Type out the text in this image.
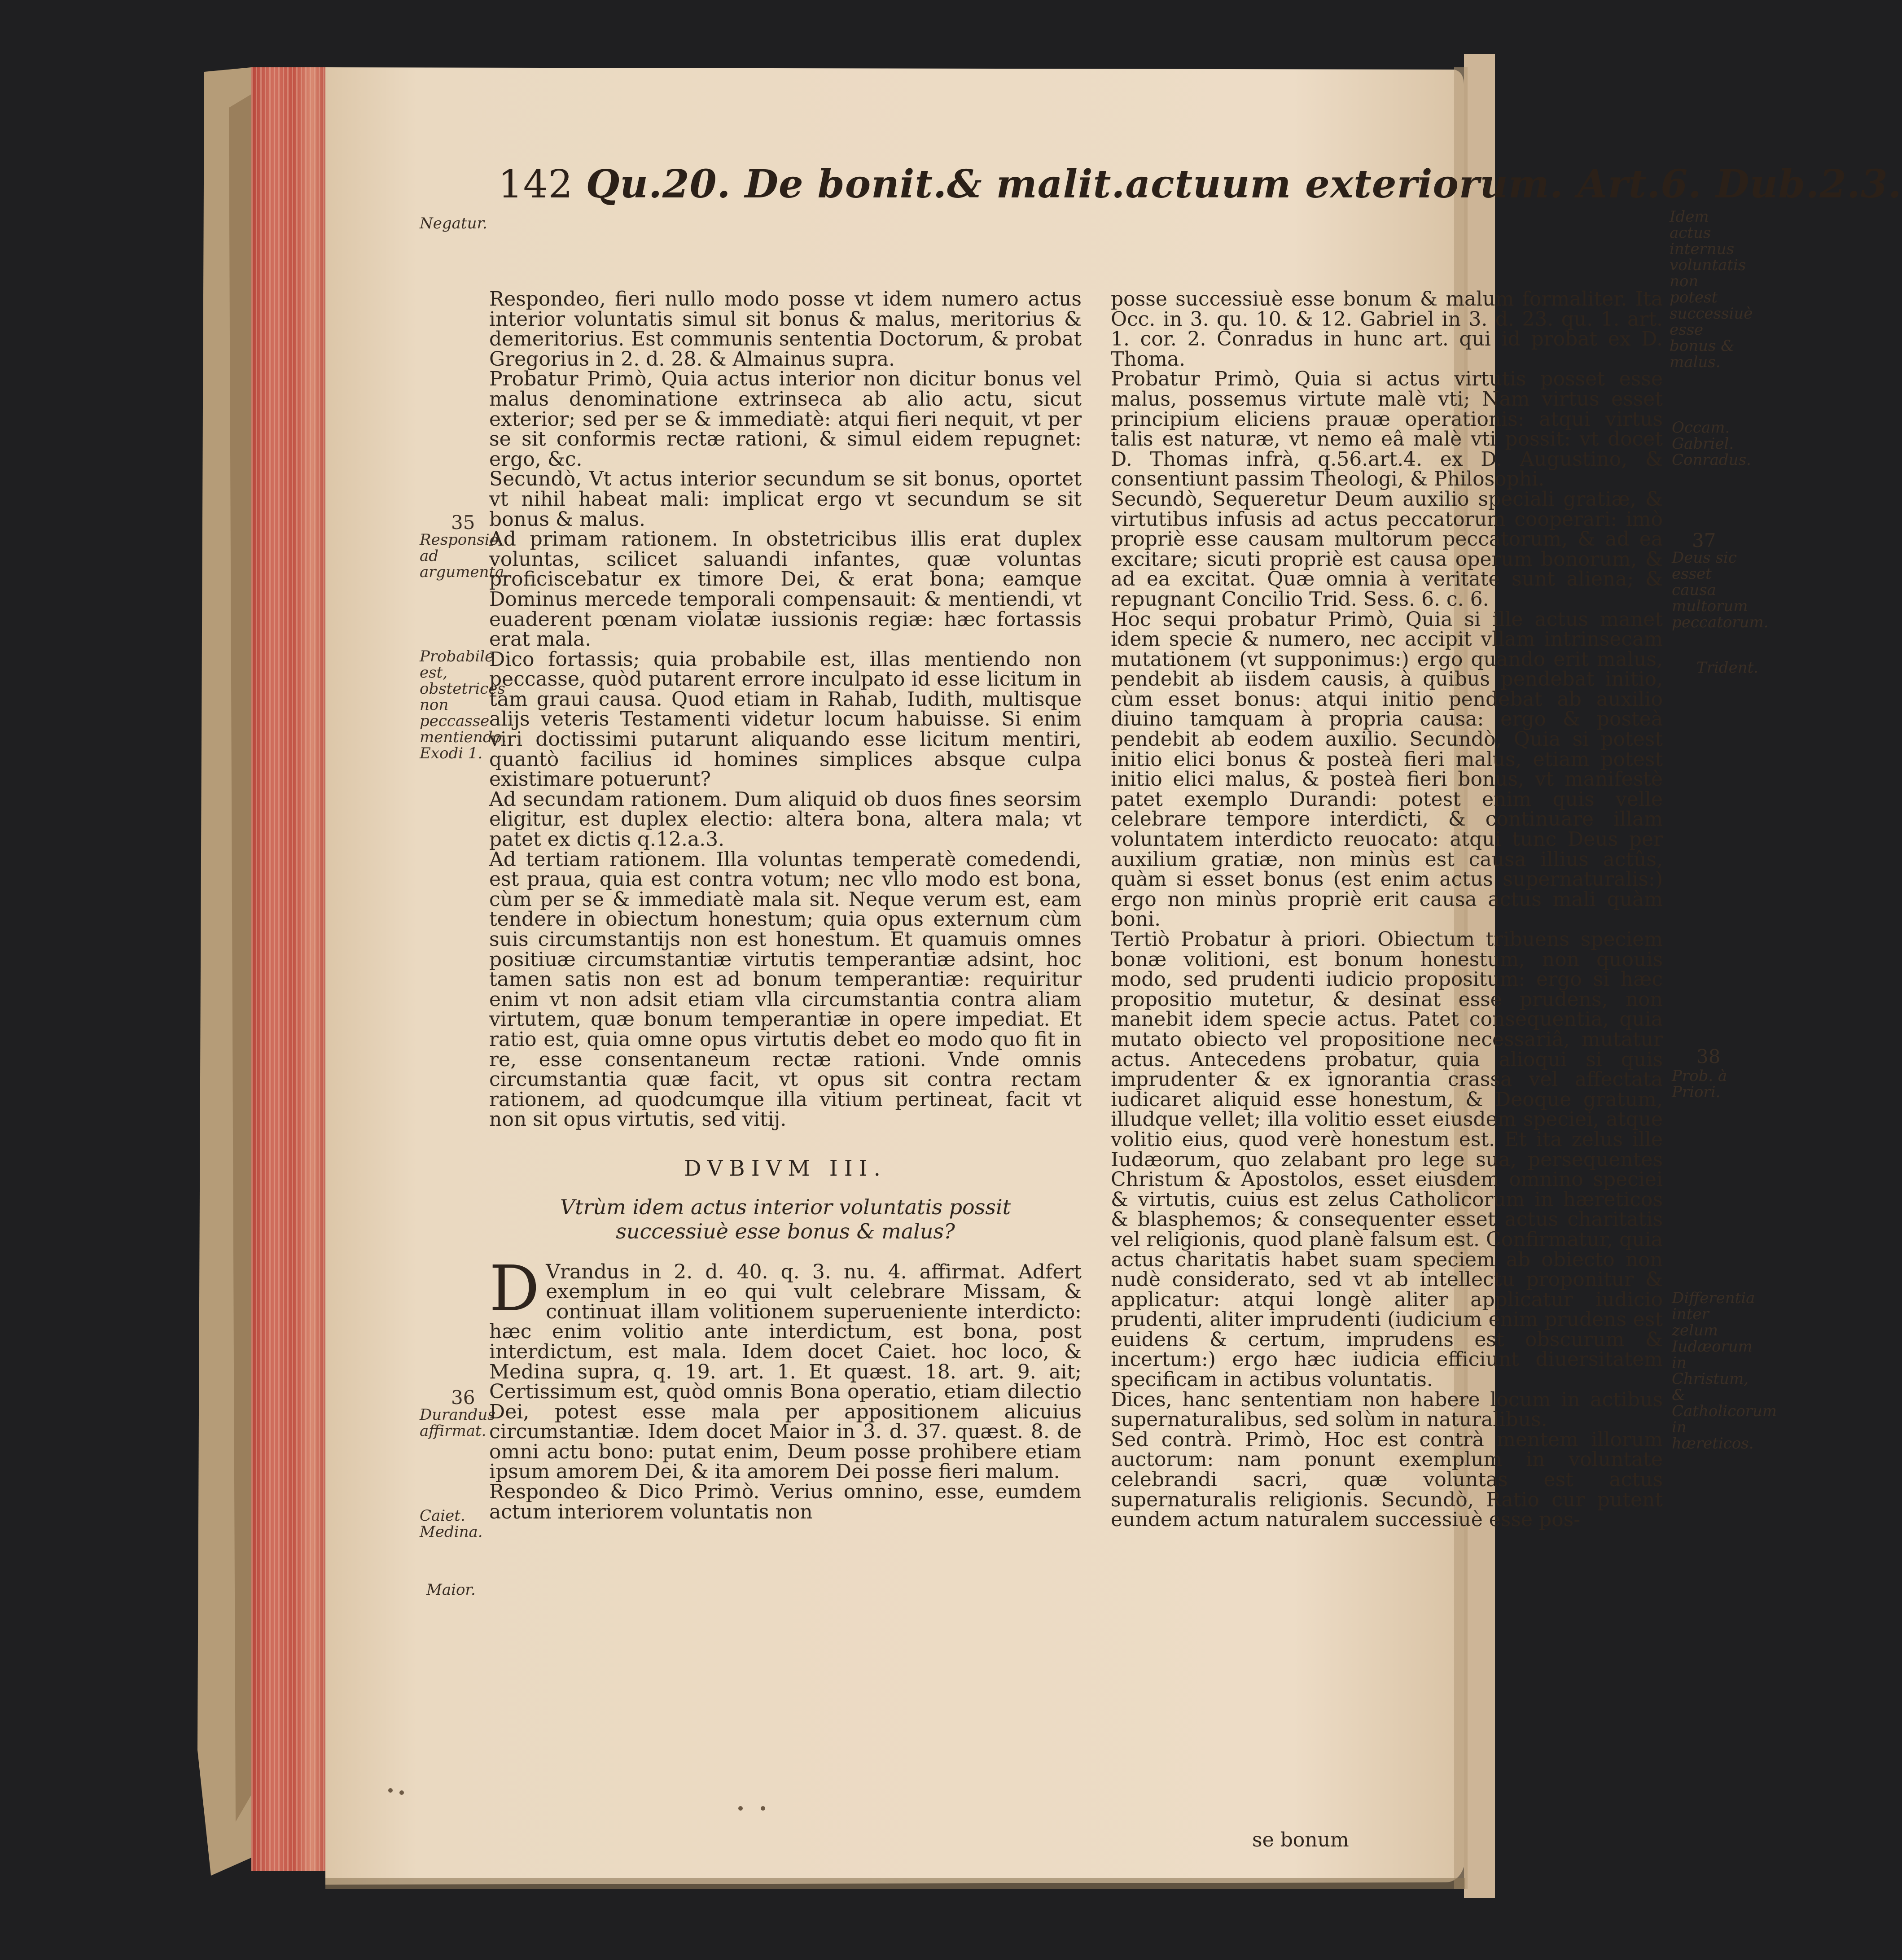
142 Qu.20. De bonit.& malit.actuum exteriorum. Art.6. Dub.2.3.
Negatur.
35
Responsio ad argumenta.
Probabile est, obstetrices non peccasse mentiendo. Exodi 1.
36
Durandus affirmat.
Caiet. Medina.
Maior.

Respondeo, fieri nullo modo posse vt idem numero actus interior voluntatis simul sit bonus & malus, meritorius & demeritorius. Est communis sententia Doctorum, & probat Gregorius in 2. d. 28. & Almainus supra.

Probatur Primò, Quia actus interior non dicitur bonus vel malus denominatione extrinseca ab alio actu, sicut exterior; sed per se & immediatè: atqui fieri nequit, vt per se sit conformis rectæ rationi, & simul eidem repugnet: ergo, &c.

Secundò, Vt actus interior secundum se sit bonus, oportet vt nihil habeat mali: implicat ergo vt secundum se sit bonus & malus.

Ad primam rationem. In obstetricibus illis erat duplex voluntas, scilicet saluandi infantes, quæ voluntas proficiscebatur ex timore Dei, & erat bona; eamque Dominus mercede temporali compensauit: & mentiendi, vt euaderent pœnam violatæ iussionis regiæ: hæc fortassis erat mala.

Dico fortassis; quia probabile est, illas mentiendo non peccasse, quòd putarent errore inculpato id esse licitum in tam graui causa. Quod etiam in Rahab, Iudith, multisque alijs veteris Testamenti videtur locum habuisse. Si enim viri doctissimi putarunt aliquando esse licitum mentiri, quantò facilius id homines simplices absque culpa existimare potuerunt?

Ad secundam rationem. Dum aliquid ob duos fines seorsim eligitur, est duplex electio: altera bona, altera mala; vt patet ex dictis q.12.a.3.

Ad tertiam rationem. Illa voluntas temperatè comedendi, est praua, quia est contra votum; nec vllo modo est bona, cùm per se & immediatè mala sit. Neque verum est, eam tendere in obiectum honestum; quia opus externum cùm suis circumstantijs non est honestum. Et quamuis omnes positiuæ circumstantiæ virtutis temperantiæ adsint, hoc tamen satis non est ad bonum temperantiæ: requiritur enim vt non adsit etiam vlla circumstantia contra aliam virtutem, quæ bonum temperantiæ in opere impediat. Et ratio est, quia omne opus virtutis debet eo modo quo fit in re, esse consentaneum rectæ rationi. Vnde omnis circumstantia quæ facit, vt opus sit contra rectam rationem, ad quodcumque illa vitium pertineat, facit vt non sit opus virtutis, sed vitij.

DVBIVM III.
Vtrùm idem actus interior voluntatis possit successiuè esse bonus & malus?

D Vrandus in 2. d. 40. q. 3. nu. 4. affirmat. Adfert exemplum in eo qui vult celebrare Missam, & continuat illam volitionem superueniente interdicto: hæc enim volitio ante interdictum, est bona, post interdictum, est mala. Idem docet Caiet. hoc loco, & Medina supra, q. 19. art. 1. Et quæst. 18. art. 9. ait; Certissimum est, quòd omnis Bona operatio, etiam dilectio Dei, potest esse mala per appositionem alicuius circumstantiæ. Idem docet Maior in 3. d. 37. quæst. 8. de omni actu bono: putat enim, Deum posse prohibere etiam ipsum amorem Dei, & ita amorem Dei posse fieri malum.

Respondeo & Dico Primò. Verius omnino, esse, eumdem actum interiorem voluntatis non

posse successiuè esse bonum & malum formaliter. Ita Occ. in 3. qu. 10. & 12. Gabriel in 3. d. 23. qu. 1. art. 1. cor. 2. Conradus in hunc art. qui id probat ex D. Thoma.

Probatur Primò, Quia si actus virtutis posset esse malus, possemus virtute malè vti; Nam virtus esset principium eliciens prauæ operationis: atqui virtus talis est naturæ, vt nemo eâ malè vti possit: vt docet D. Thomas infrà, q.56.art.4. ex D. Augustino, & consentiunt passim Theologi, & Philosophi.

Secundò, Sequeretur Deum auxilio speciali gratiæ, & virtutibus infusis ad actus peccatorum cooperari: imò propriè esse causam multorum peccatorum, & ad ea excitare; sicuti propriè est causa operum bonorum, & ad ea excitat. Quæ omnia à veritate sunt aliena; & repugnant Concilio Trid. Sess. 6. c. 6.

Hoc sequi probatur Primò, Quia si ille actus manet idem specie & numero, nec accipit vllam intrinsecam mutationem (vt supponimus:) ergo quando erit malus, pendebit ab iisdem causis, à quibus pendebat initio, cùm esset bonus: atqui initio pendebat ab auxilio diuino tamquam à propria causa: ergo & posteà pendebit ab eodem auxilio. Secundò, Quia si potest initio elici bonus & posteà fieri malus, etiam potest initio elici malus, & posteà fieri bonus, vt manifestè patet exemplo Durandi: potest enim quis velle celebrare tempore interdicti, & continuare illam voluntatem interdicto reuocato: atqui tunc Deus per auxilium gratiæ, non minùs est causa illius actûs, quàm si esset bonus (est enim actus supernaturalis:) ergo non minùs propriè erit causa actus mali quàm boni.

Tertiò Probatur à priori. Obiectum tribuens speciem bonæ volitioni, est bonum honestum, non quouis modo, sed prudenti iudicio propositum: ergo si hæc propositio mutetur, & desinat esse prudens, non manebit idem specie actus. Patet consequentia, quia mutato obiecto vel propositione necessariâ, mutatur actus. Antecedens probatur, quia alioqui si quis imprudenter & ex ignorantia crassa vel affectata iudicaret aliquid esse honestum, & Deoque gratum, illudque vellet; illa volitio esset eiusdem speciei, atque volitio eius, quod verè honestum est. Et ita zelus ille Iudæorum, quo zelabant pro lege sua, persequentes Christum & Apostolos, esset eiusdem omnino speciei & virtutis, cuius est zelus Catholicorum in hæreticos & blasphemos; & consequenter esset actus charitatis vel religionis, quod planè falsum est. Confirmatur, quia actus charitatis habet suam speciem ab obiecto non nudè considerato, sed vt ab intellectu proponitur & applicatur: atqui longè aliter applicatur iudicio prudenti, aliter imprudenti (iudicium enim prudens est euidens & certum, imprudens est obscurum & incertum:) ergo hæc iudicia efficiunt diuersitatem specificam in actibus voluntatis.

Dices, hanc sententiam non habere locum in actibus supernaturalibus, sed solùm in naturalibus.

Sed contrà. Primò, Hoc est contrà mentem illorum auctorum: nam ponunt exemplum in voluntate celebrandi sacri, quæ voluntas est actus supernaturalis religionis. Secundò, Ratio cur putent eundem actum naturalem successiuè esse pos-

se bonum
Idem actus internus voluntatis non potest successiuè esse bonus & malus.
Occam. Gabriel. Conradus.
37
Deus sic esset causa multorum peccatorum.
Trident.
38
Prob. à Priori.
Differentia inter zelum Iudæorum in Christum, & Catholicorum in hæreticos.
